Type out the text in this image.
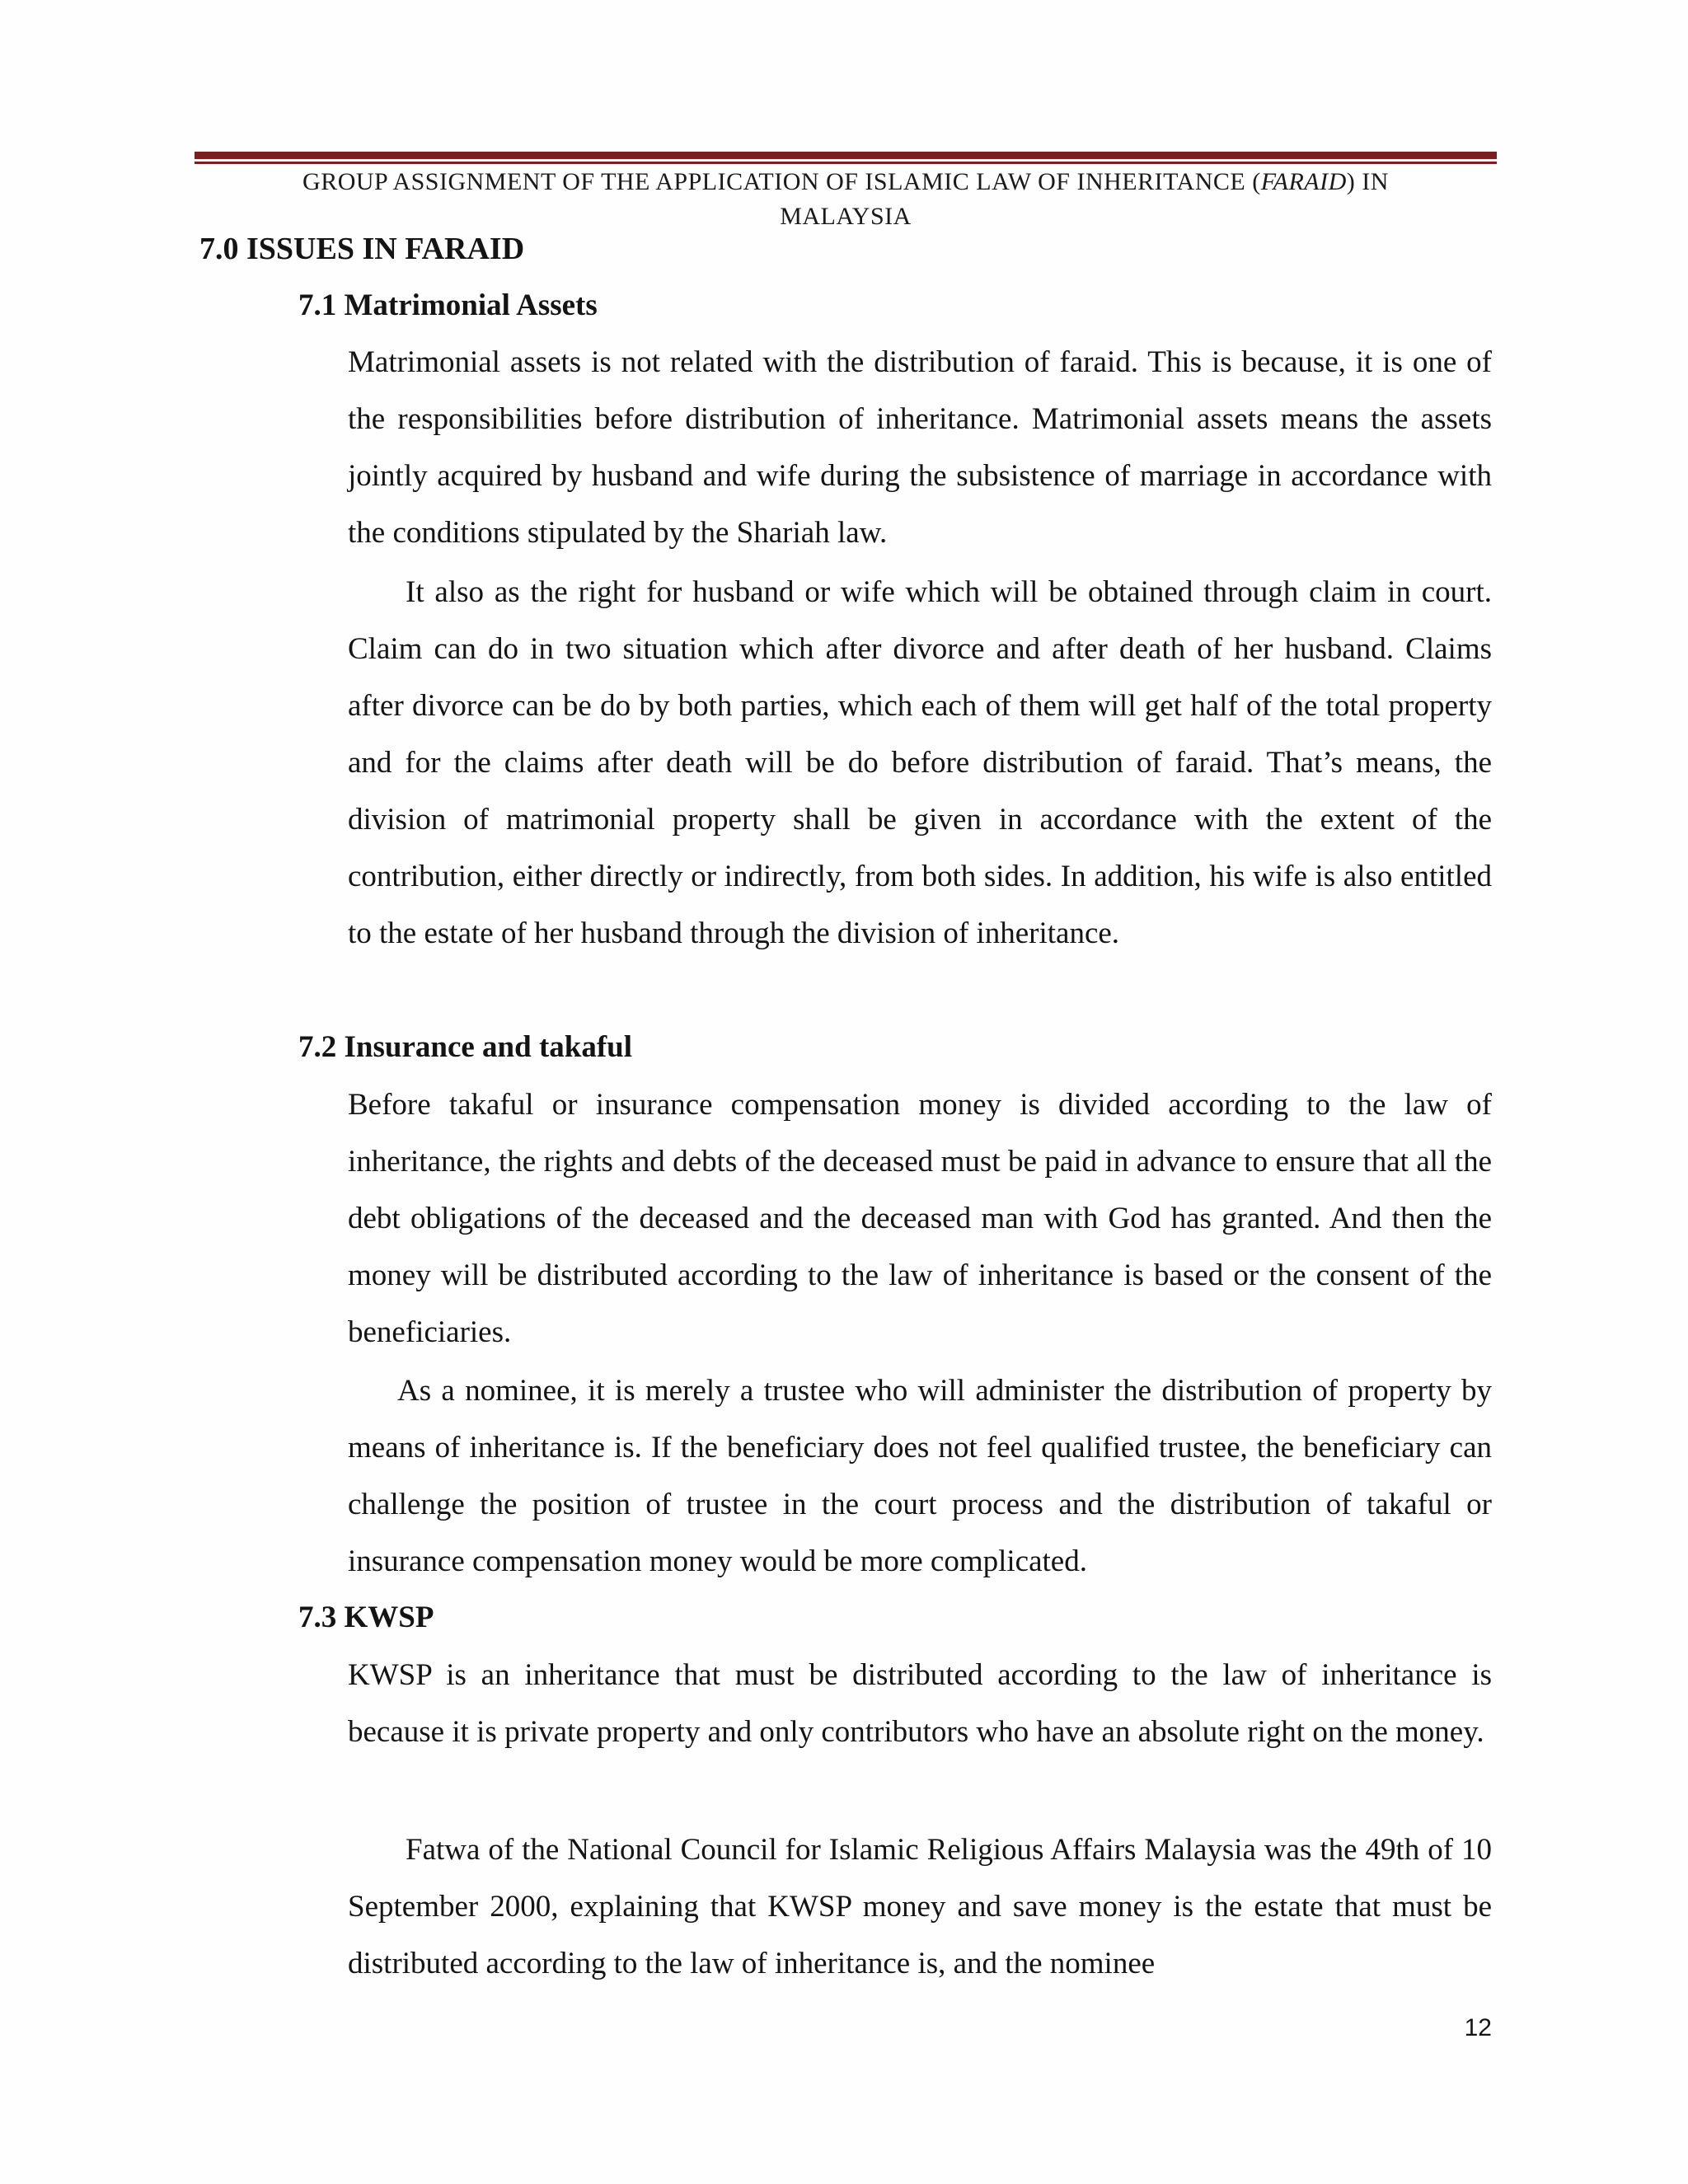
GROUP ASSIGNMENT OF THE APPLICATION OF ISLAMIC LAW OF INHERITANCE (FARAID) IN
MALAYSIA
7.0 ISSUES IN FARAID
7.1 Matrimonial Assets
Matrimonial assets is not related with the distribution of faraid. This is because, it is one of the responsibilities before distribution of inheritance. Matrimonial assets means the assets jointly acquired by husband and wife during the subsistence of marriage in accordance with the conditions stipulated by the Shariah law.
It also as the right for husband or wife which will be obtained through claim in court. Claim can do in two situation which after divorce and after death of her husband. Claims after divorce can be do by both parties, which each of them will get half of the total property and for the claims after death will be do before distribution of faraid. That’s means, the division of matrimonial property shall be given in accordance with the extent of the contribution, either directly or indirectly, from both sides. In addition, his wife is also entitled to the estate of her husband through the division of inheritance.
7.2 Insurance and takaful
Before takaful or insurance compensation money is divided according to the law of inheritance, the rights and debts of the deceased must be paid in advance to ensure that all the debt obligations of the deceased and the deceased man with God has granted. And then the money will be distributed according to the law of inheritance is based or the consent of the beneficiaries.
As a nominee, it is merely a trustee who will administer the distribution of property by means of inheritance is. If the beneficiary does not feel qualified trustee, the beneficiary can challenge the position of trustee in the court process and the distribution of takaful or insurance compensation money would be more complicated.
7.3 KWSP
KWSP is an inheritance that must be distributed according to the law of inheritance is because it is private property and only contributors who have an absolute right on the money.
Fatwa of the National Council for Islamic Religious Affairs Malaysia was the 49th of 10 September 2000, explaining that KWSP money and save money is the estate that must be distributed according to the law of inheritance is, and the nominee
12
